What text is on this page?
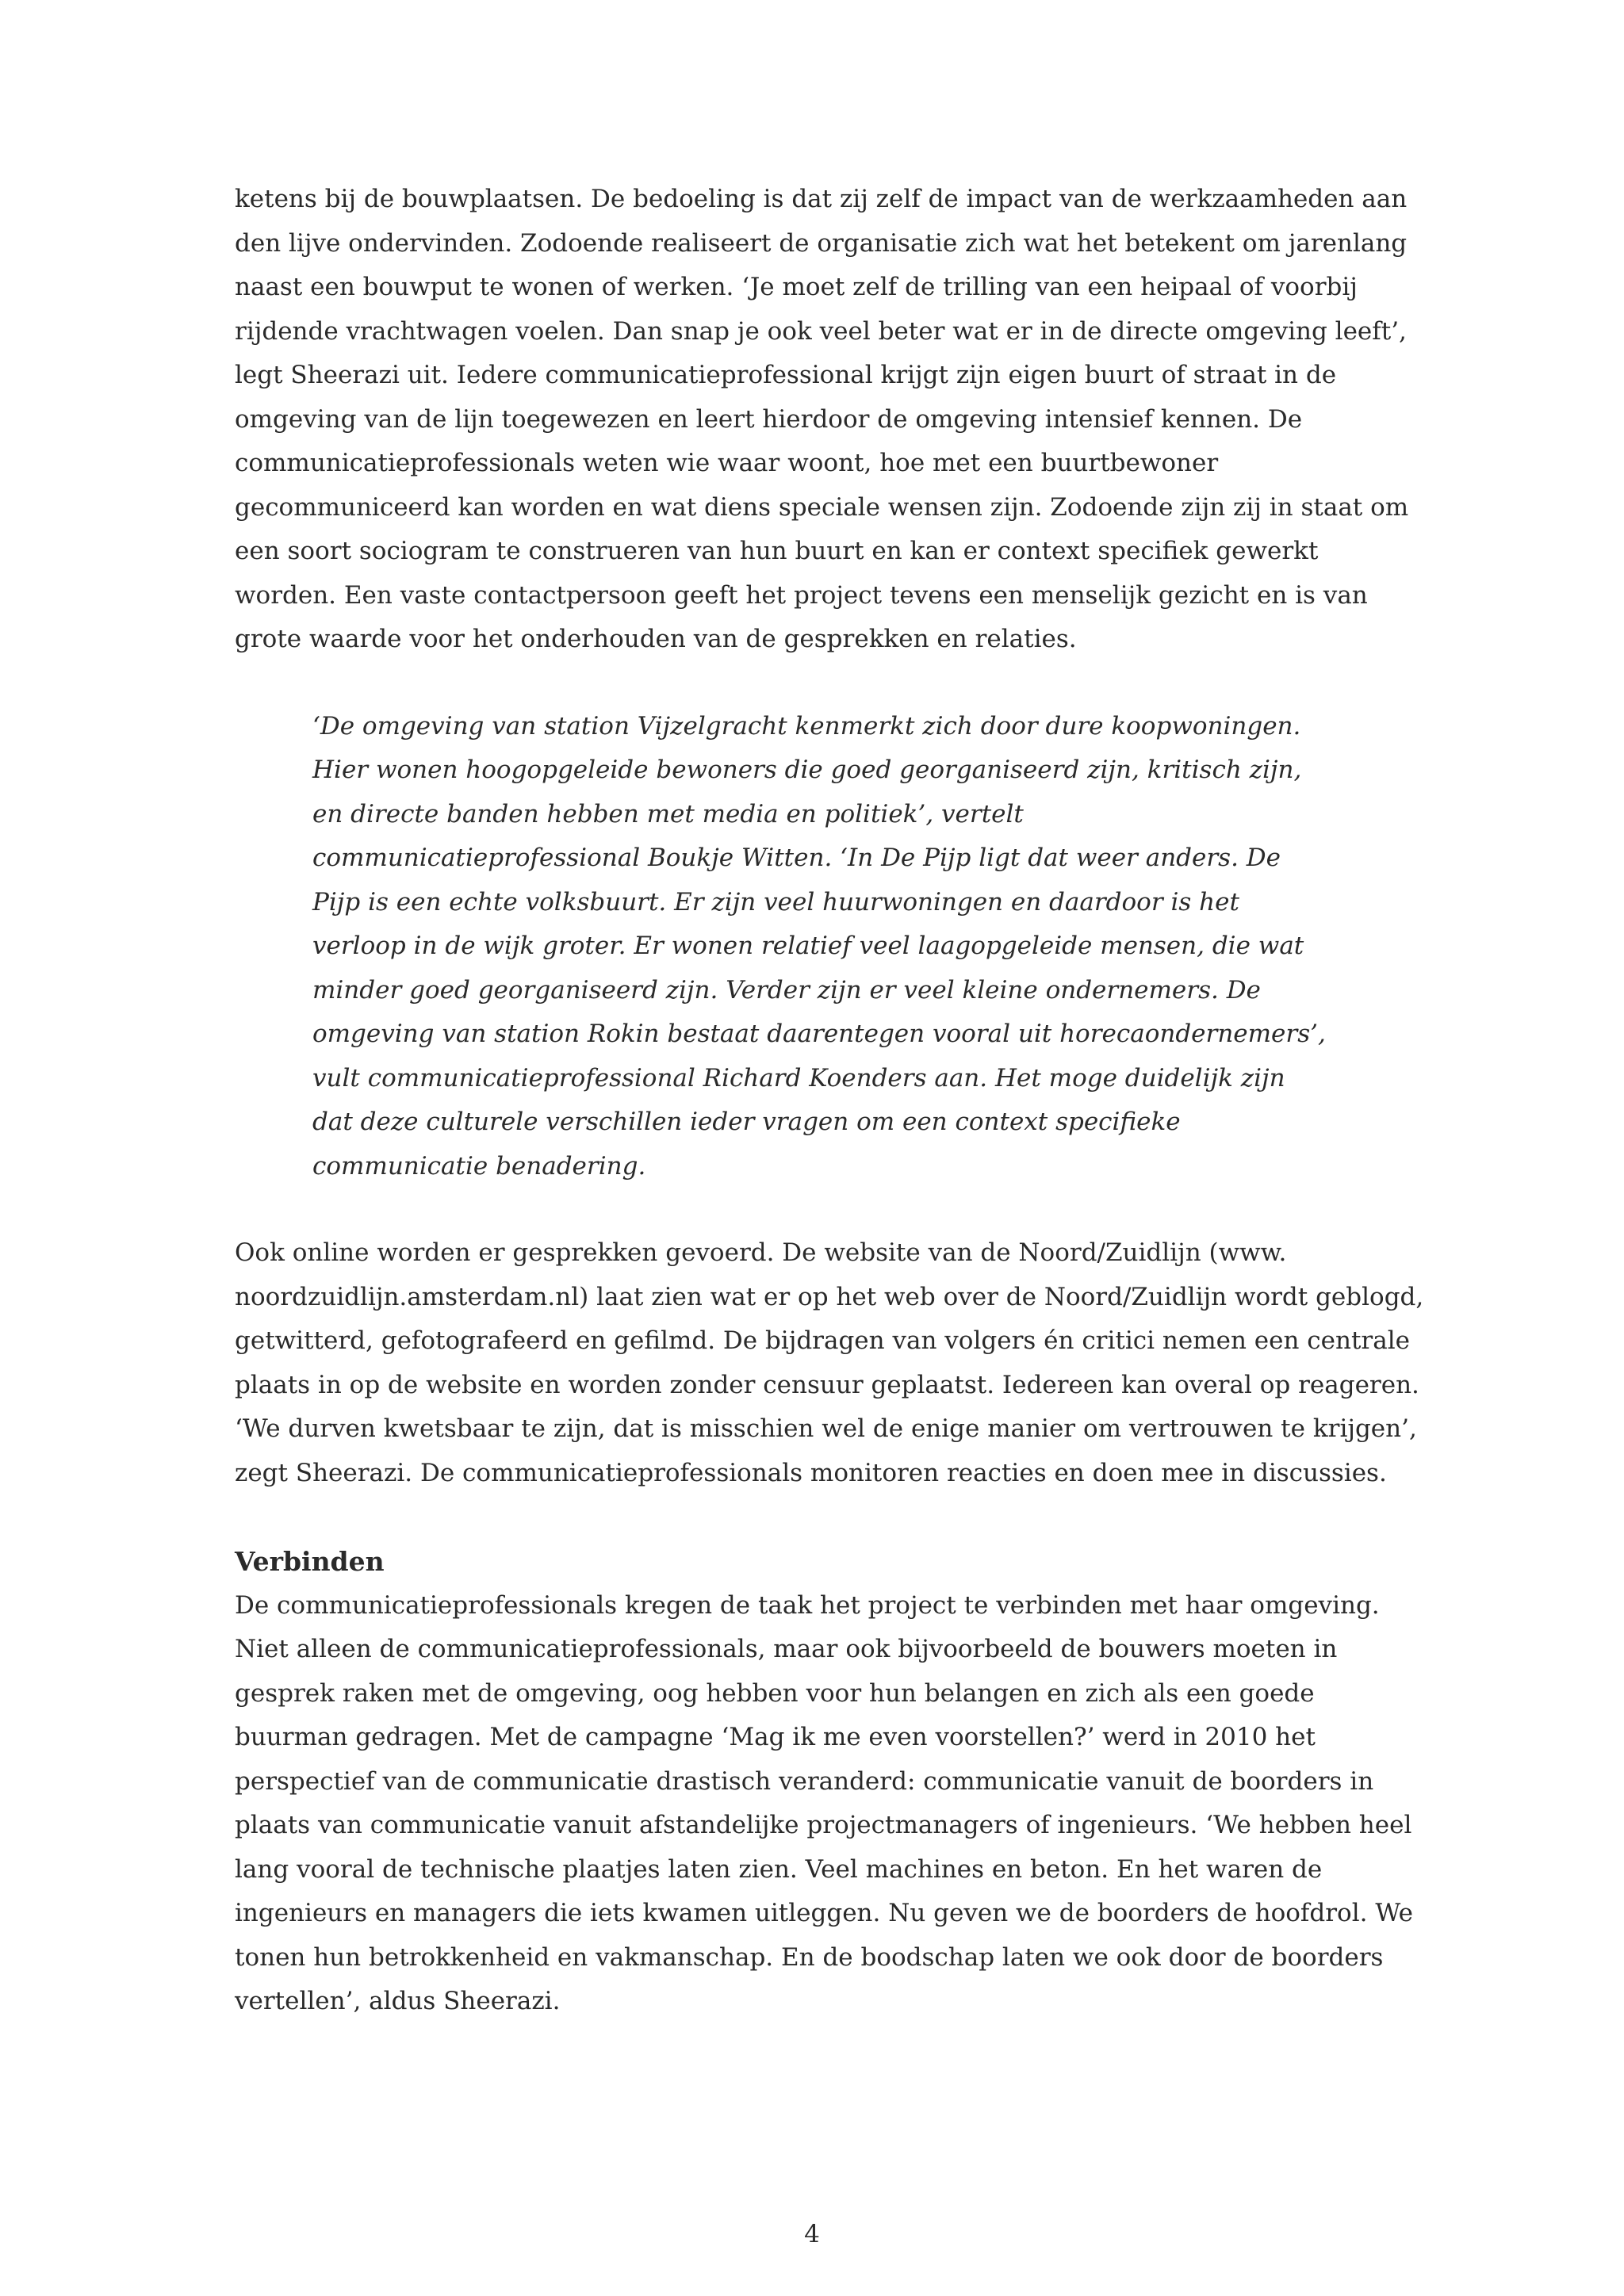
ketens bij de bouwplaatsen. De bedoeling is dat zij zelf de impact van de werkzaamheden aan den lijve ondervinden. Zodoende realiseert de organisatie zich wat het betekent om jarenlang naast een bouwput te wonen of werken. ‘Je moet zelf de trilling van een heipaal of voorbij rijdende vrachtwagen voelen. Dan snap je ook veel beter wat er in de directe omgeving leeft’, legt Sheerazi uit. Iedere communicatieprofessional krijgt zijn eigen buurt of straat in de omgeving van de lijn toegewezen en leert hierdoor de omgeving intensief kennen. De communicatieprofessionals weten wie waar woont, hoe met een buurtbewoner gecommuniceerd kan worden en wat diens speciale wensen zijn. Zodoende zijn zij in staat om een soort sociogram te construeren van hun buurt en kan er context specifiek gewerkt worden. Een vaste contactpersoon geeft het project tevens een menselijk gezicht en is van grote waarde voor het onderhouden van de gesprekken en relaties.

‘De omgeving van station Vijzelgracht kenmerkt zich door dure koopwoningen. Hier wonen hoogopgeleide bewoners die goed georganiseerd zijn, kritisch zijn, en directe banden hebben met media en politiek’, vertelt communicatieprofessional Boukje Witten. ‘In De Pijp ligt dat weer anders. De Pijp is een echte volksbuurt. Er zijn veel huurwoningen en daardoor is het verloop in de wijk groter. Er wonen relatief veel laagopgeleide mensen, die wat minder goed georganiseerd zijn. Verder zijn er veel kleine ondernemers. De omgeving van station Rokin bestaat daarentegen vooral uit horecaondernemers’, vult communicatieprofessional Richard Koenders aan. Het moge duidelijk zijn dat deze culturele verschillen ieder vragen om een context specifieke communicatie benadering.

Ook online worden er gesprekken gevoerd. De website van de Noord/Zuidlijn (www. noordzuidlijn.amsterdam.nl) laat zien wat er op het web over de Noord/Zuidlijn wordt geblogd, getwitterd, gefotografeerd en gefilmd. De bijdragen van volgers én critici nemen een centrale plaats in op de website en worden zonder censuur geplaatst. Iedereen kan overal op reageren. ‘We durven kwetsbaar te zijn, dat is misschien wel de enige manier om vertrouwen te krijgen’, zegt Sheerazi. De communicatieprofessionals monitoren reacties en doen mee in discussies.

Verbinden

De communicatieprofessionals kregen de taak het project te verbinden met haar omgeving. Niet alleen de communicatieprofessionals, maar ook bijvoorbeeld de bouwers moeten in gesprek raken met de omgeving, oog hebben voor hun belangen en zich als een goede buurman gedragen. Met de campagne ‘Mag ik me even voorstellen?’ werd in 2010 het perspectief van de communicatie drastisch veranderd: communicatie vanuit de boorders in plaats van communicatie vanuit afstandelijke projectmanagers of ingenieurs. ‘We hebben heel lang vooral de technische plaatjes laten zien. Veel machines en beton. En het waren de ingenieurs en managers die iets kwamen uitleggen. Nu geven we de boorders de hoofdrol. We tonen hun betrokkenheid en vakmanschap. En de boodschap laten we ook door de boorders vertellen’, aldus Sheerazi.

4
